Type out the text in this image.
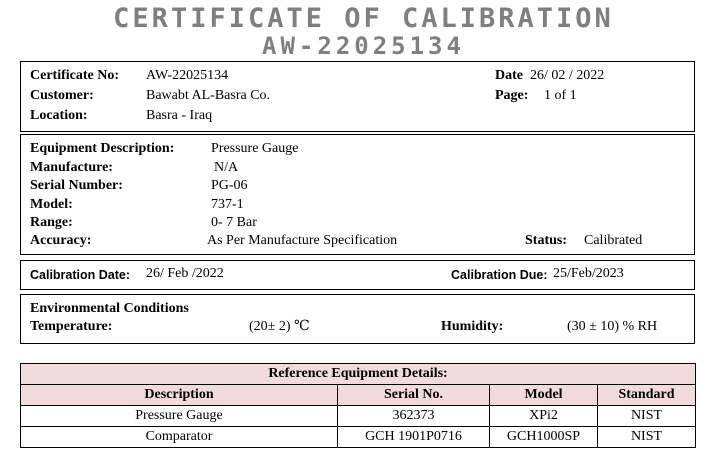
CERTIFICATE OF CALIBRATION
AW-22025134
Certificate No: AW-22025134
Customer:	Bawabt AL-Basra Co.
Location:	Basra - Iraq
Date 26/ 02 / 2022
Page: 1 of 1
Equipment Description:	Pressure Gauge
Manufacture:	N/A
Serial Number:	PG-06
Model:	737-1
Range:	0- 7 Bar
Accuracy:	As Per Manufacture Specification	Status: Calibrated
Calibration Date: 26/ Feb /2022	Calibration Due: 25/Feb/2023
Environmental Conditions
Temperature:	(20± 2) ℃	Humidity:	(30 ± 10) % RH
Reference Equipment Details:			
Description	Serial No.	Model	Standard
Pressure Gauge	362373	XPi2	NIST
Comparator	GCH 1901P0716	GCH1000SP	NIST
